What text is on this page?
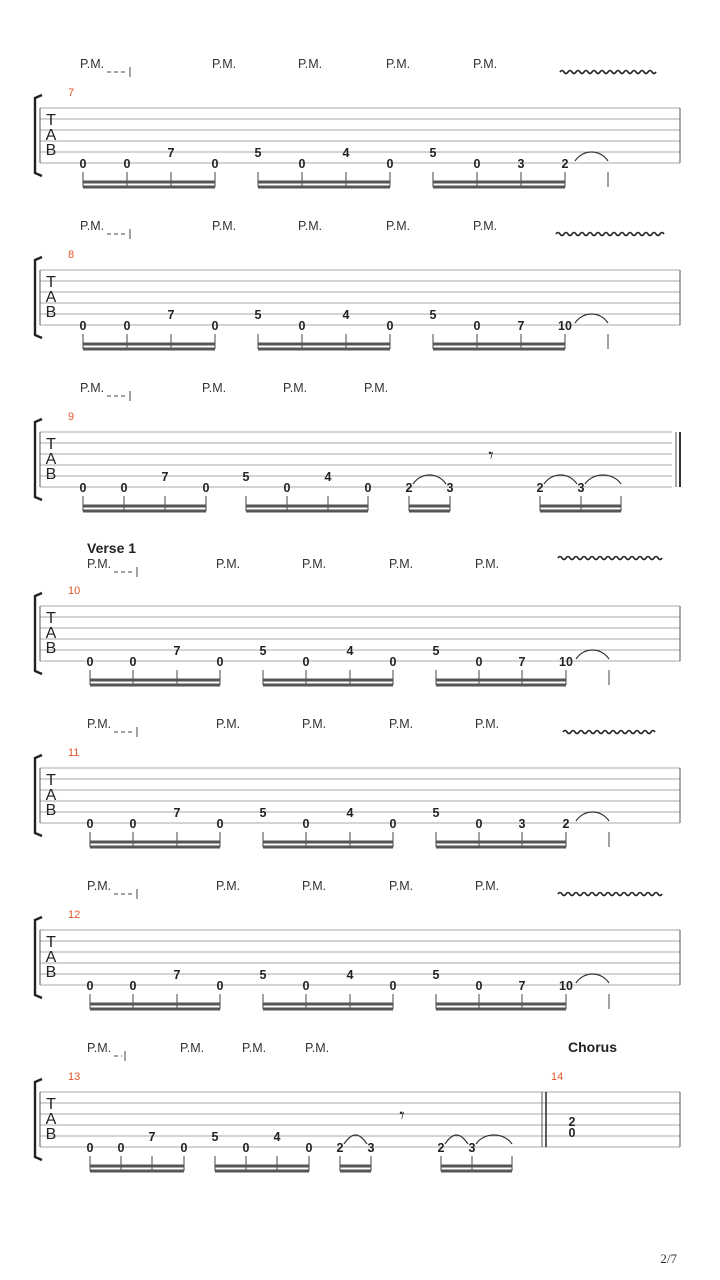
T
A
B
7
P.M.	P.M.	P.M.	P.M.	P.M.
0	0
7
0
5
0
4
0
5
0	3	2
T
A
B
8
P.M.	P.M.	P.M.	P.M.	P.M.
0	0
7
0
5
0
4
0
5
0	7	10
T
A
B
9
P.M.	P.M.	P.M.	P.M.
0	0
7
0
5
0
4
0	2	3	2	3
𝄾
T
A
B
10
Verse 1
P.M.	P.M.	P.M.	P.M.	P.M.
0	0
7
0
5
0
4
0
5
0	7	10
T
A
B
11
P.M.	P.M.	P.M.	P.M.	P.M.
0	0
7
0
5
0
4
0
5
0	3	2
T
A
B
12
P.M.	P.M.	P.M.	P.M.	P.M.
0	0
7
0
5
0
4
0
5
0	7	10
T
A
B
13
P.M.	P.M.	P.M.	P.M.
0 0
7
0
5
0
4
0 2 3	2 3
𝄾
14
Chorus
2
0
2/7
